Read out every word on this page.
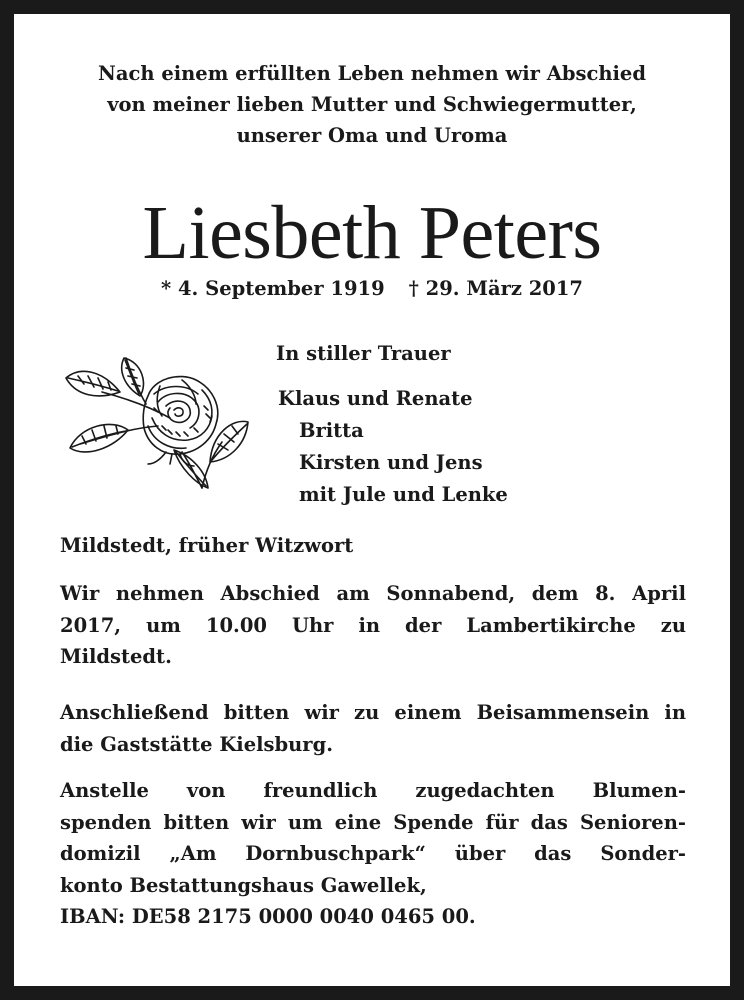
Nach einem erfüllten Leben nehmen wir Abschied
von meiner lieben Mutter und Schwiegermutter,
unserer Oma und Uroma
Liesbeth Peters
* 4. September 1919 † 29. März 2017
In stiller Trauer
Klaus und Renate
Britta
Kirsten und Jens
mit Jule und Lenke
Mildstedt, früher Witzwort
Wir nehmen Abschied am Sonnabend, dem 8. April
2017, um 10.00 Uhr in der Lambertikirche zu
Mildstedt.
Anschließend bitten wir zu einem Beisammensein in
die Gaststätte Kielsburg.
Anstelle von freundlich zugedachten Blumen-
spenden bitten wir um eine Spende für das Senioren-
domizil „Am Dornbuschpark“ über das Sonder-
konto Bestattungshaus Gawellek,
IBAN: DE58 2175 0000 0040 0465 00.
